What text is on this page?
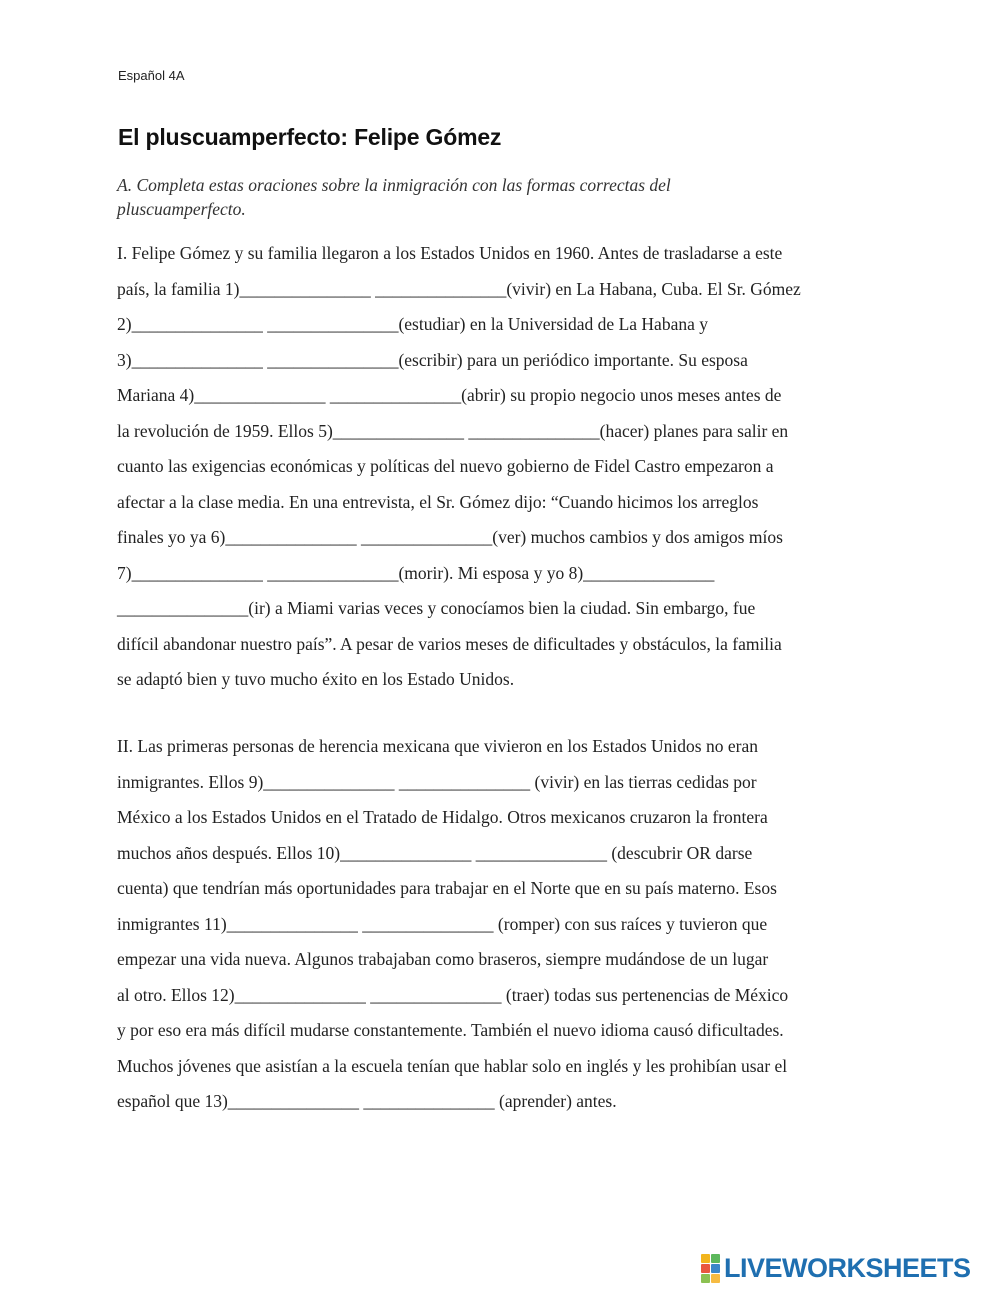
Español 4A
El pluscuamperfecto: Felipe Gómez
A. Completa estas oraciones sobre la inmigración con las formas correctas del
pluscuamperfecto.
I. Felipe Gómez y su familia llegaron a los Estados Unidos en 1960. Antes de trasladarse a este
país, la familia 1)_______________ _______________(vivir) en La Habana, Cuba. El Sr. Gómez
2)_______________ _______________(estudiar) en la Universidad de La Habana y
3)_______________ _______________(escribir) para un periódico importante. Su esposa
Mariana 4)_______________ _______________(abrir) su propio negocio unos meses antes de
la revolución de 1959. Ellos 5)_______________ _______________(hacer) planes para salir en
cuanto las exigencias económicas y políticas del nuevo gobierno de Fidel Castro empezaron a
afectar a la clase media. En una entrevista, el Sr. Gómez dijo: “Cuando hicimos los arreglos
finales yo ya 6)_______________ _______________(ver) muchos cambios y dos amigos míos
7)_______________ _______________(morir). Mi esposa y yo 8)_______________
_______________(ir) a Miami varias veces y conocíamos bien la ciudad. Sin embargo, fue
difícil abandonar nuestro país”. A pesar de varios meses de dificultades y obstáculos, la familia
se adaptó bien y tuvo mucho éxito en los Estado Unidos.
II. Las primeras personas de herencia mexicana que vivieron en los Estados Unidos no eran
inmigrantes. Ellos 9)_______________ _______________ (vivir) en las tierras cedidas por
México a los Estados Unidos en el Tratado de Hidalgo. Otros mexicanos cruzaron la frontera
muchos años después. Ellos 10)_______________ _______________ (descubrir OR darse
cuenta) que tendrían más oportunidades para trabajar en el Norte que en su país materno. Esos
inmigrantes 11)_______________ _______________ (romper) con sus raíces y tuvieron que
empezar una vida nueva. Algunos trabajaban como braseros, siempre mudándose de un lugar
al otro. Ellos 12)_______________ _______________ (traer) todas sus pertenencias de México
y por eso era más difícil mudarse constantemente. También el nuevo idioma causó dificultades.
Muchos jóvenes que asistían a la escuela tenían que hablar solo en inglés y les prohibían usar el
español que 13)_______________ _______________ (aprender) antes.
LIVEWORKSHEETS
